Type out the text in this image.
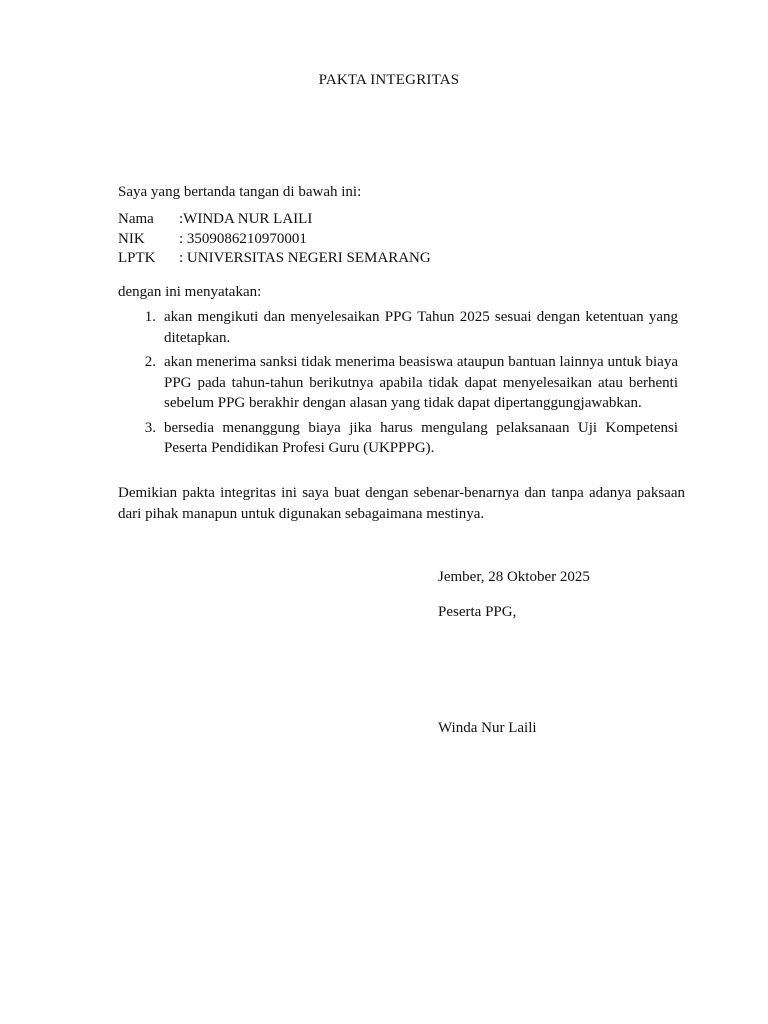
PAKTA INTEGRITAS
Saya yang bertanda tangan di bawah ini:
Nama	:WINDA NUR LAILI
NIK	: 3509086210970001
LPTK	: UNIVERSITAS NEGERI SEMARANG
dengan ini menyatakan:
1. akan mengikuti dan menyelesaikan PPG Tahun 2025 sesuai dengan ketentuan yang ditetapkan.
2. akan menerima sanksi tidak menerima beasiswa ataupun bantuan lainnya untuk biaya PPG pada tahun-tahun berikutnya apabila tidak dapat menyelesaikan atau berhenti sebelum PPG berakhir dengan alasan yang tidak dapat dipertanggungjawabkan.
3. bersedia menanggung biaya jika harus mengulang pelaksanaan Uji Kompetensi Peserta Pendidikan Profesi Guru (UKPPPG).
Demikian pakta integritas ini saya buat dengan sebenar-benarnya dan tanpa adanya paksaan dari pihak manapun untuk digunakan sebagaimana mestinya.
Jember, 28 Oktober 2025
Peserta PPG,
Winda Nur Laili
